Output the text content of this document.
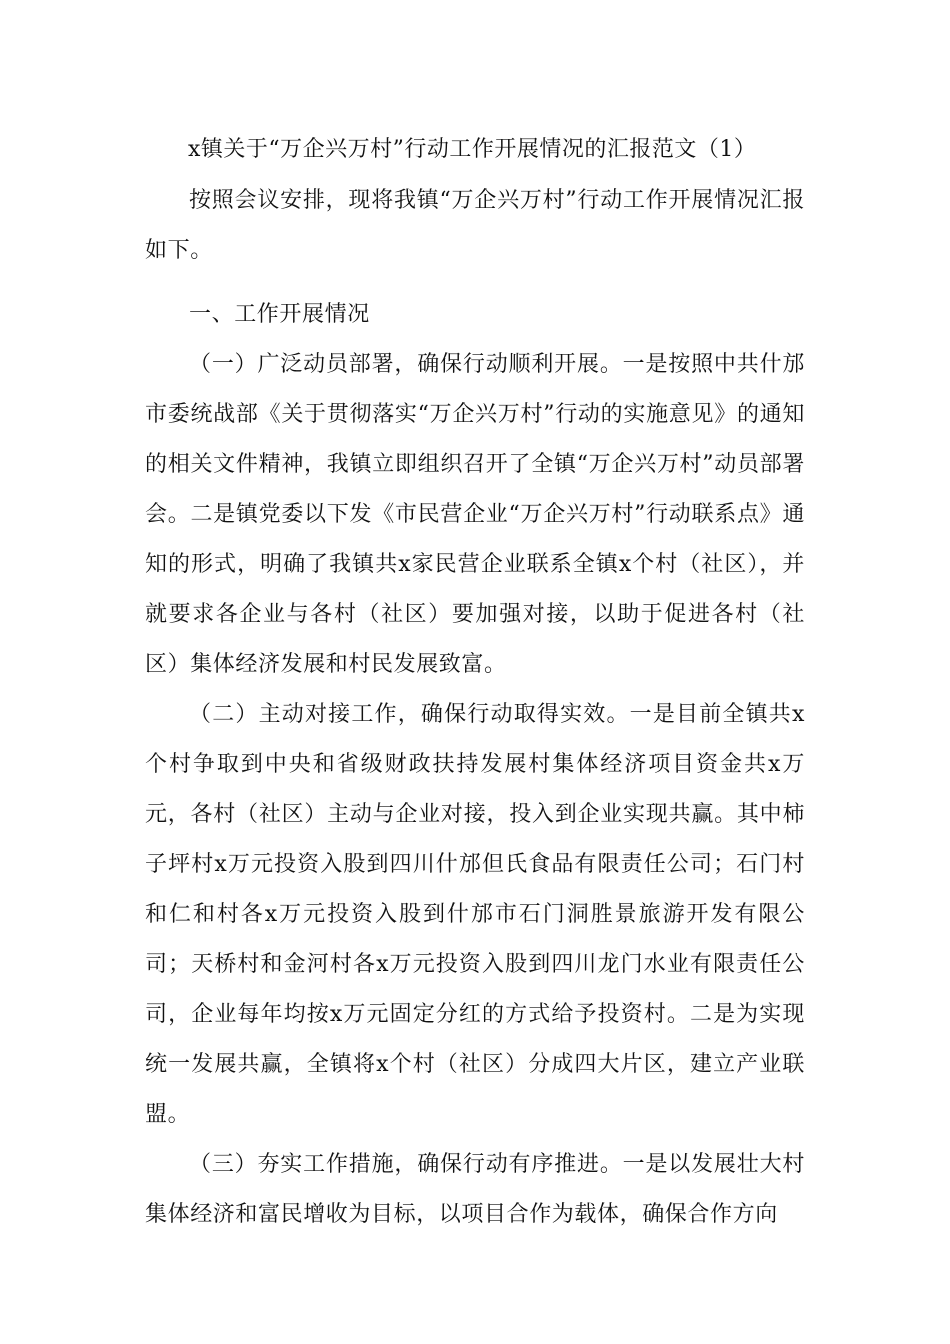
x镇关于“万企兴万村”行动工作开展情况的汇报范文（1）

按照会议安排，现将我镇“万企兴万村”行动工作开展情况汇报如下。

一、工作开展情况

（一）广泛动员部署，确保行动顺利开展。一是按照中共什邡市委统战部《关于贯彻落实“万企兴万村”行动的实施意见》的通知的相关文件精神，我镇立即组织召开了全镇“万企兴万村”动员部署会。二是镇党委以下发《市民营企业“万企兴万村”行动联系点》通知的形式，明确了我镇共x家民营企业联系全镇x个村（社区），并就要求各企业与各村（社区）要加强对接，以助于促进各村（社区）集体经济发展和村民发展致富。

（二）主动对接工作，确保行动取得实效。一是目前全镇共x个村争取到中央和省级财政扶持发展村集体经济项目资金共x万元，各村（社区）主动与企业对接，投入到企业实现共赢。其中柿子坪村x万元投资入股到四川什邡但氏食品有限责任公司；石门村和仁和村各x万元投资入股到什邡市石门洞胜景旅游开发有限公司；天桥村和金河村各x万元投资入股到四川龙门水业有限责任公司，企业每年均按x万元固定分红的方式给予投资村。二是为实现统一发展共赢，全镇将x个村（社区）分成四大片区，建立产业联盟。

（三）夯实工作措施，确保行动有序推进。一是以发展壮大村集体经济和富民增收为目标，以项目合作为载体，确保合作方向
